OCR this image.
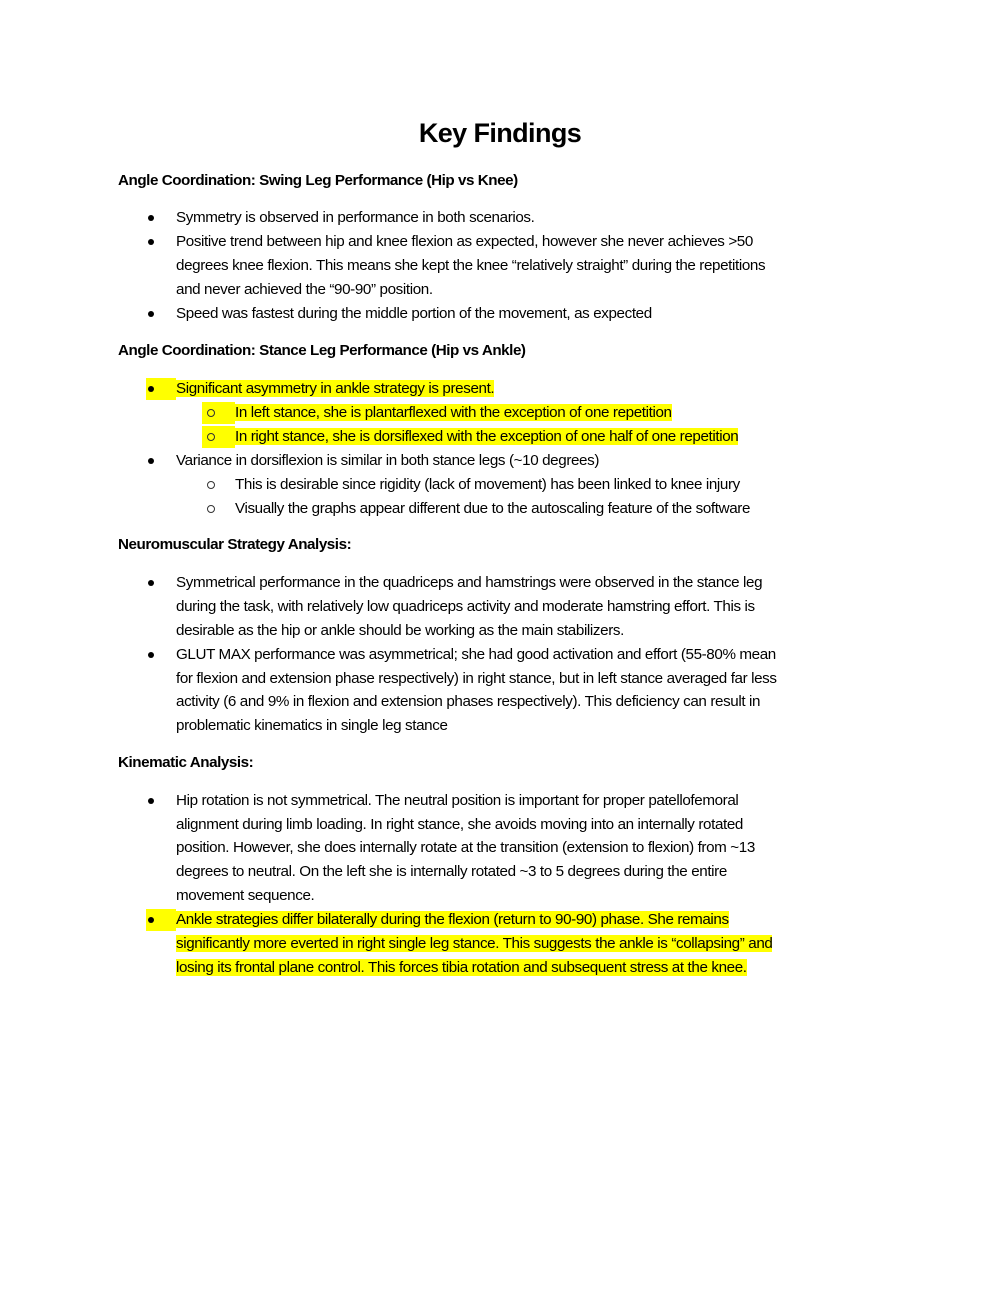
Key Findings
Angle Coordination: Swing Leg Performance (Hip vs Knee)
Symmetry is observed in performance in both scenarios.
Positive trend between hip and knee flexion as expected, however she never achieves >50
degrees knee flexion. This means she kept the knee “relatively straight” during the repetitions
and never achieved the “90-90” position.
Speed was fastest during the middle portion of the movement, as expected
Angle Coordination: Stance Leg Performance (Hip vs Ankle)
Significant asymmetry in ankle strategy is present.
In left stance, she is plantarflexed with the exception of one repetition
In right stance, she is dorsiflexed with the exception of one half of one repetition
Variance in dorsiflexion is similar in both stance legs (~10 degrees)
This is desirable since rigidity (lack of movement) has been linked to knee injury
Visually the graphs appear different due to the autoscaling feature of the software
Neuromuscular Strategy Analysis:
Symmetrical performance in the quadriceps and hamstrings were observed in the stance leg
during the task, with relatively low quadriceps activity and moderate hamstring effort. This is
desirable as the hip or ankle should be working as the main stabilizers.
GLUT MAX performance was asymmetrical; she had good activation and effort (55-80% mean
for flexion and extension phase respectively) in right stance, but in left stance averaged far less
activity (6 and 9% in flexion and extension phases respectively). This deficiency can result in
problematic kinematics in single leg stance
Kinematic Analysis:
Hip rotation is not symmetrical. The neutral position is important for proper patellofemoral
alignment during limb loading. In right stance, she avoids moving into an internally rotated
position. However, she does internally rotate at the transition (extension to flexion) from ~13
degrees to neutral. On the left she is internally rotated ~3 to 5 degrees during the entire
movement sequence.
Ankle strategies differ bilaterally during the flexion (return to 90-90) phase. She remains
significantly more everted in right single leg stance. This suggests the ankle is “collapsing” and
losing its frontal plane control. This forces tibia rotation and subsequent stress at the knee.
